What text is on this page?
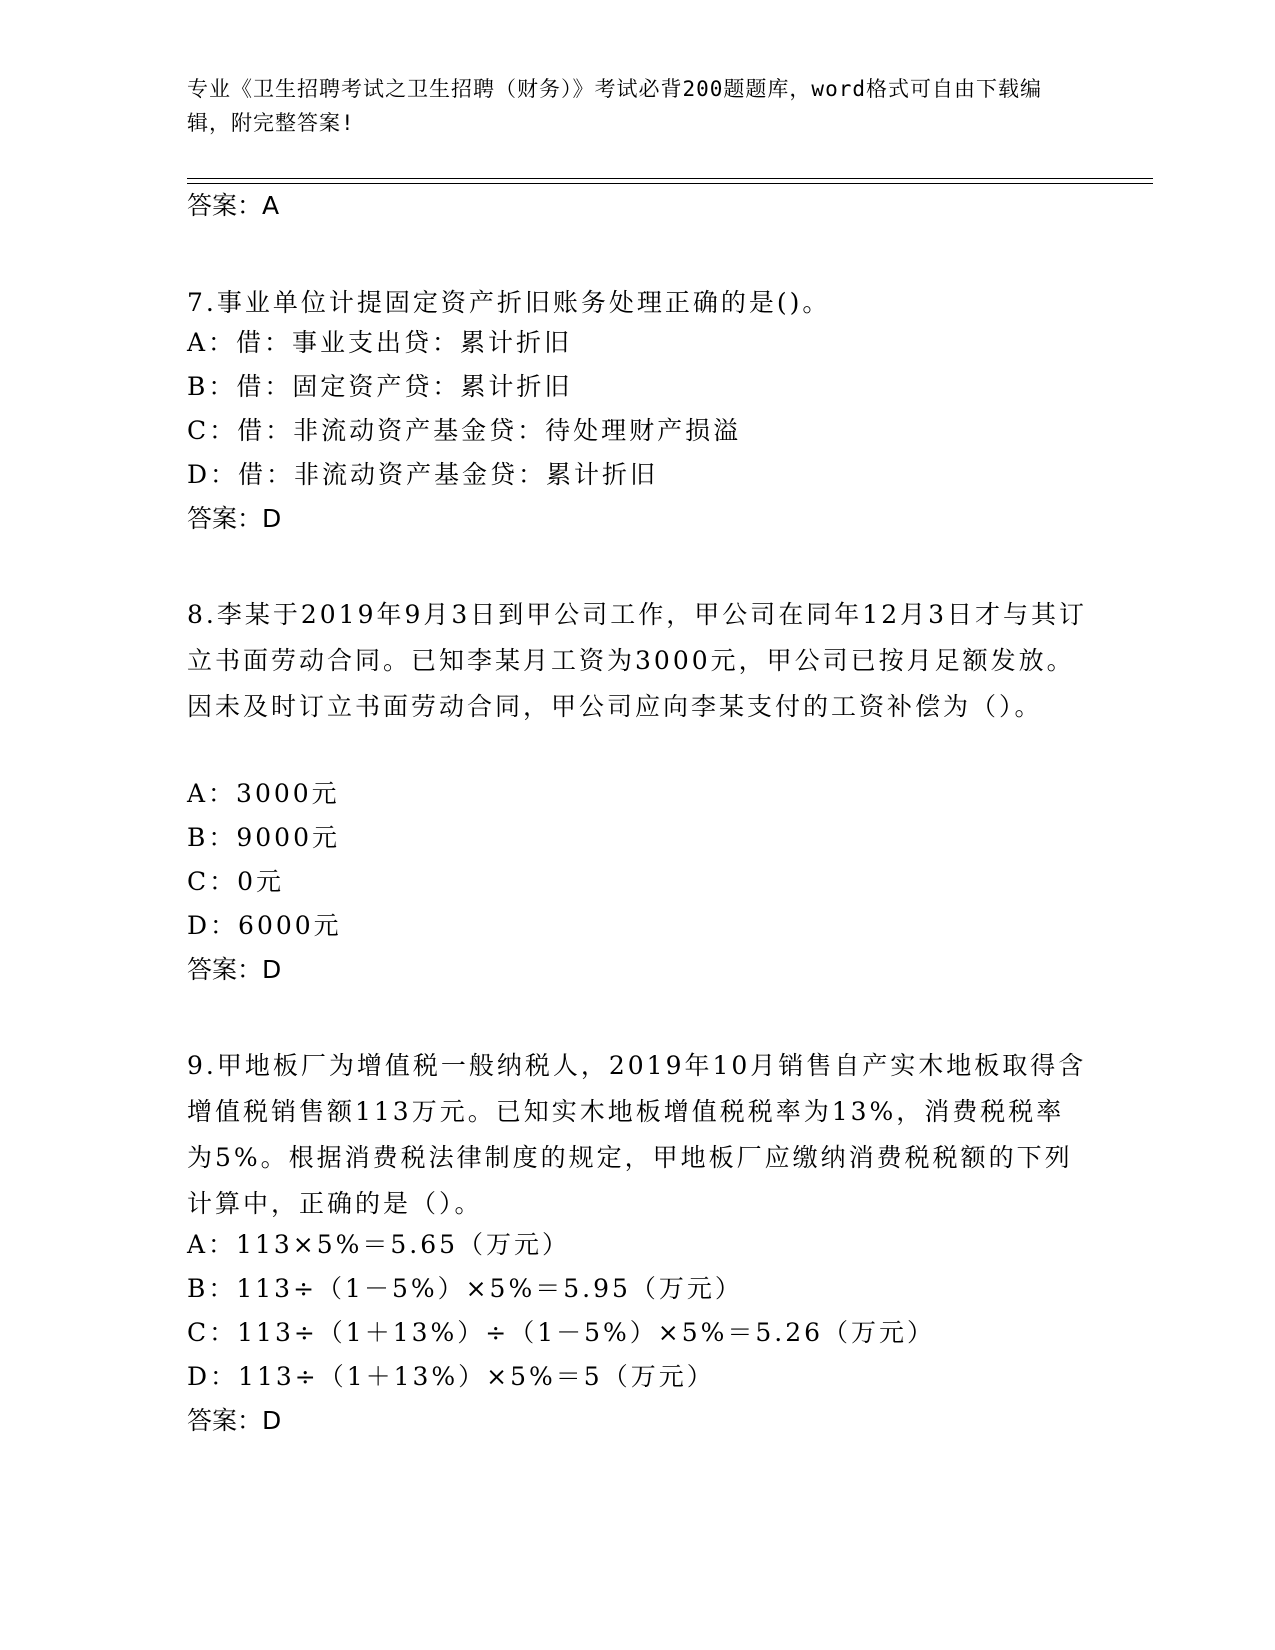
专业《卫生招聘考试之卫生招聘（财务）》考试必背200题题库，word格式可自由下载编辑，附完整答案!
答案：A
7.事业单位计提固定资产折旧账务处理正确的是()。
A：借：事业支出贷：累计折旧
B：借：固定资产贷：累计折旧
C：借：非流动资产基金贷：待处理财产损溢
D：借：非流动资产基金贷：累计折旧
答案：D
8.李某于2019年9月3日到甲公司工作，甲公司在同年12月3日才与其订立书面劳动合同。已知李某月工资为3000元，甲公司已按月足额发放。因未及时订立书面劳动合同，甲公司应向李某支付的工资补偿为（）。
A：3000元
B：9000元
C：0元
D：6000元
答案：D
9.甲地板厂为增值税一般纳税人，2019年10月销售自产实木地板取得含增值税销售额113万元。已知实木地板增值税税率为13%，消费税税率为5%。根据消费税法律制度的规定，甲地板厂应缴纳消费税税额的下列计算中，正确的是（）。
A：113×5%＝5.65（万元）
B：113÷（1－5%）×5%＝5.95（万元）
C：113÷（1＋13%）÷（1－5%）×5%＝5.26（万元）
D：113÷（1＋13%）×5%＝5（万元）
答案：D
